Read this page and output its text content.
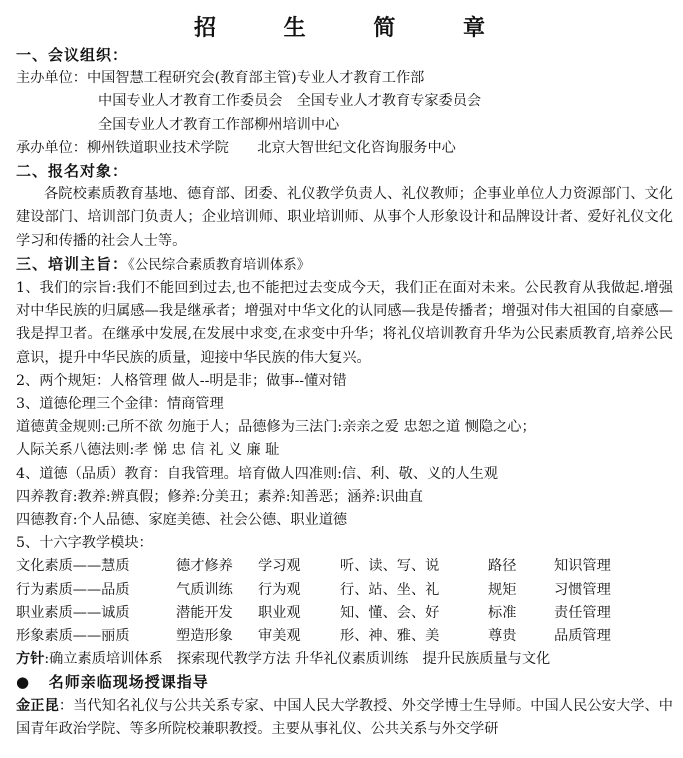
招 生 简 章
一、会议组织：
主办单位：中国智慧工程研究会(教育部主管)专业人才教育工作部
中国专业人才教育工作委员会　全国专业人才教育专家委员会
全国专业人才教育工作部柳州培训中心
承办单位：柳州铁道职业技术学院　　北京大智世纪文化咨询服务中心
二、报名对象：
各院校素质教育基地、德育部、团委、礼仪教学负责人、礼仪教师；企事业单位人力资源部门、文化建设部门、培训部门负责人；企业培训师、职业培训师、从事个人形象设计和品牌设计者、爱好礼仪文化学习和传播的社会人士等。
三、培训主旨：《公民综合素质教育培训体系》
1、我们的宗旨:我们不能回到过去,也不能把过去变成今天，我们正在面对未来。公民教育从我做起.增强对中华民族的归属感—我是继承者；增强对中华文化的认同感—我是传播者；增强对伟大祖国的自豪感—我是捍卫者。在继承中发展,在发展中求变,在求变中升华；将礼仪培训教育升华为公民素质教育,培养公民意识，提升中华民族的质量，迎接中华民族的伟大复兴。
2、两个规矩：人格管理 做人--明是非；做事--懂对错
3、道德伦理三个金律：情商管理
道德黄金规则:己所不欲 勿施于人；品德修为三法门:亲亲之爱 忠恕之道 恻隐之心；
人际关系八德法则:孝 悌 忠 信 礼 义 廉 耻
4、道德（品质）教育：自我管理。培育做人四准则:信、利、敬、义的人生观
四养教育:教养:辨真假；修养:分美丑；素养:知善恶；涵养:识曲直
四德教育:个人品德、家庭美德、社会公德、职业道德
5、十六字教学模块：
文化素质——慧质	德才修养	学习观	听、读、写、说	路径	知识管理
行为素质——品质	气质训练	行为观	行、站、坐、礼	规矩	习惯管理
职业素质——诚质	潜能开发	职业观	知、懂、会、好	标准	责任管理
形象素质——丽质	塑造形象	审美观	形、神、雅、美	尊贵	品质管理
方针:确立素质培训体系　探索现代教学方法 升华礼仪素质训练　提升民族质量与文化
● 名师亲临现场授课指导
金正昆：当代知名礼仪与公共关系专家、中国人民大学教授、外交学博士生导师。中国人民公安大学、中国青年政治学院、等多所院校兼职教授。主要从事礼仪、公共关系与外交学研
